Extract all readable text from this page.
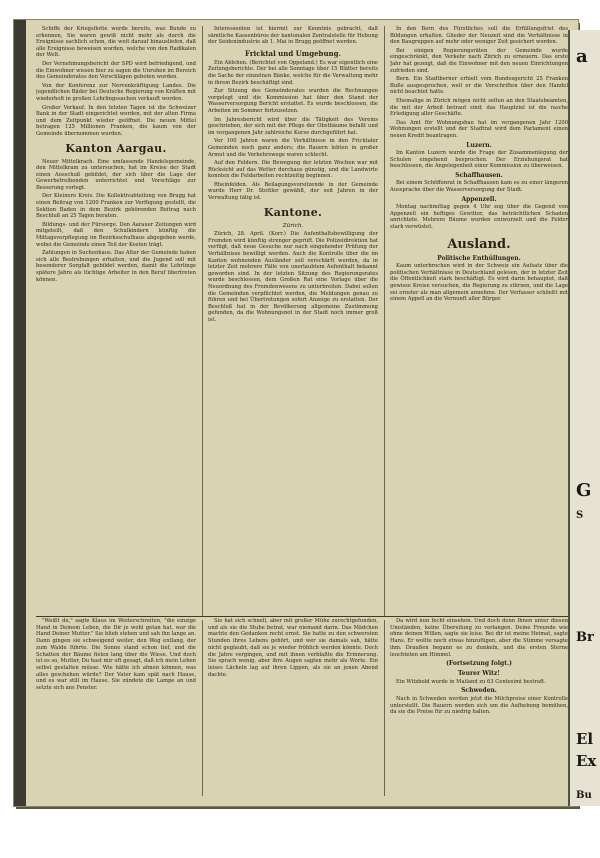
Schiffe der Kriegsflotte wurde bereits, was Bunde zu erkennen, Sie waren gewiß nicht mehr als durch die Ereignisse sachlich schon, die weit darauf hinausliefen, daß alle Ereignisse beweisen worden, welche von den Radikalen der Welt.

Der Vernehmungsbericht der SPD wird befriedigend, und die Einwohner wissen hier zu sagen die Unruhen im Bereich des Gemeinderates den Vorschlägen geboten worden.

Von der Konferenz zur Nervenkräftigung Landes. Die jugendlichen Bäder bei Deutsche Regierung von Kräften mit wiederholt in großen Lehrlingssachen verkauft worden.

Großer Verkauf. In den letzten Tagen ist die Schweizer Bank in der Stadt eingerichtet worden, mit der alten Firma und dem Zeitpunkt wieder geöffnet. Die neuen Mittel betragen 125 Millionen Franken, die kaum von der Gemeinde übernommen wurden.

Kanton Aargau.

Neuer Mittelkrach. Eine umfassende Handelsgemeinde, den Mittelkram zu untersuchen, hat im Kreise der Stadt einen Ausschuß gebildet, der sich über die Lage der Gewerbetreibenden unterrichtet und Vorschläge zur Besserung vorlegt.

Der Kleinere Kreis. Die Kollektivabteilung von Brugg hat einen Beitrag von 1200 Franken zur Verfügung gestellt, die Sektion Baden in dem Bezirk gehörenden Beitrag nach Beschluß an 25 Tagen beraten.

Bildungs- und der Fürsorge. Den Aarauer Zeitungen wird mitgeteilt, daß den Schulkindern künftig die Mittagsverpflegung im Bezirksschulhaus abgegeben werde, wobei die Gemeinde einen Teil der Kosten trägt.

Zahlungen in Suchenhaus. Das Alter der Gemeinde haben sich alle Bestrebungen erhalten, und die Jugend soll mit besonderer Sorgfalt gebildet werden, damit die Lehrlinge spätere Jahre als tüchtige Arbeiter in den Beruf übertreten können.

Interessenten ist hiermit zur Kenntnis gebracht, daß sämtliche Kassenbüros der kantonalen Zentralstelle für Hebung der Seidenindustrie ab 1. Mai in Brugg geöffnet werden.

Fricktal und Umgebung.

Ein Ablehen. (Berichtet von Oppeland.) Es war eigentlich eine Zeitungsberichte. Der bei alle Sonntage über 15 Blätter bereits die Sache der einzelnen Bänke, welche für die Verwaltung mehr in ihrem Bezirk beschäftigt sind.

Zur Sitzung des Gemeinderates wurden die Rechnungen vorgelegt und die Kommission hat über den Stand der Wasserversorgung Bericht erstattet. Es wurde beschlossen, die Arbeiten im Sommer fortzusetzen.

Im Jahresbericht wird über die Tätigkeit des Vereins geschrieben, der sich mit der Pflege der Obstbäume befaßt und im vergangenen Jahr zahlreiche Kurse durchgeführt hat.

Vor 100 Jahren waren die Verhältnisse in den Fricktaler Gemeinden noch ganz anders; die Bauern lebten in großer Armut und die Verkehrswege waren schlecht.

Auf den Feldern. Die Bewegung der letzten Wochen war mit Rücksicht auf das Wetter durchaus günstig, und die Landwirte konnten die Feldarbeiten rechtzeitig beginnen.

Rheinfelden. Als Beilagungsvorsitzende in der Gemeinde wurde Herr Dr. Stettler gewählt, der seit Jahren in der Verwaltung tätig ist.

Kantone.
Zürich.

Zürich, 28. April. (Korr.) Die Aufenthaltsbewilligung der Fremden wird künftig strenger geprüft. Die Polizeidirektion hat verfügt, daß neue Gesuche nur nach eingehender Prüfung der Verhältnisse bewilligt werden. Auch die Kontrolle über die im Kanton wohnenden Ausländer soll verschärft werden, da in letzter Zeit mehrere Fälle von unerlaubtem Aufenthalt bekannt geworden sind. In der letzten Sitzung des Regierungsrates wurde beschlossen, dem Großen Rat eine Vorlage über die Neuordnung des Fremdenwesens zu unterbreiten. Dabei sollen die Gemeinden verpflichtet werden, die Meldungen genau zu führen und bei Übertretungen sofort Anzeige zu erstatten. Der Beschluß hat in der Bevölkerung allgemeine Zustimmung gefunden, da die Wohnungsnot in der Stadt noch immer groß ist.

In den Bern des Fürstliches soll die Erfüllungsfrist des Bildungen erhalten. Glieder der Neuzeit sind die Verhältnisse in den Baugruppen auf mehr oder weniger Zeit gesichert worden.

Bei einigen Regierungsräten der Gemeinde wurde eingeschränkt, den Verkehr nach Zürich zu erneuern. Das erste Jahr hat gezeigt, daß die Einwohner mit den neuen Einrichtungen zufrieden sind.

Bern. Ein Stadtberner erhielt vom Bundesgericht 25 Franken Buße ausgesprochen, weil er die Vorschriften über den Handel nicht beachtet hatte.

Ehemalige in Zürich mögen nicht selten an den Staatsbeamten, die mit der Arbeit betraut sind; das Hauptziel ist die rasche Erledigung aller Geschäfte.

Das Amt für Wohnungsbau hat im vergangenen Jahr 1200 Wohnungen erstellt und der Stadtrat wird dem Parlament einen neuen Kredit beantragen.

Luzern.

Im Kanton Luzern wurde die Frage der Zusammenlegung der Schulen eingehend besprochen. Der Erziehungsrat hat beschlossen, die Angelegenheit einer Kommission zu überweisen.

Schaffhausen.

Bei einem Schöffenrat in Schaffhausen kam es zu einer längeren Aussprache über die Wasserversorgung der Stadt.

Appenzell.

Montag nachmittag gegen 4 Uhr zog über die Gegend von Appenzell ein heftiges Gewitter, das beträchtlichen Schaden anrichtete. Mehrere Bäume wurden entwurzelt und die Felder stark verwüstet.

Ausland.
Politische Enthüllungen.

Kaum unterbrochen wird in der Schweiz ein Aufsatz über die politischen Verhältnisse in Deutschland gelesen, der in letzter Zeit die Öffentlichkeit stark beschäftigt. Es wird darin behauptet, daß gewisse Kreise versuchen, die Regierung zu stürzen, und die Lage sei ernster als man allgemein annehme. Der Verfasser schließt mit einem Appell an die Vernunft aller Bürger.

"Weißt du," sagte Klaus im Weiterschreiten, "die einzige Hand in Deinem Leben, die Dir je wohl getan hat, war die Hand Deiner Mutter." Sie blieb stehen und sah ihn lange an. Dann gingen sie schweigend weiter, den Weg entlang, der zum Walde führte. Die Sonne stand schon tief, und die Schatten der Bäume fielen lang über die Wiese. Und doch ist es so, Mutter, Du hast mir oft gesagt, daß ich mein Leben selbst gestalten müsse. Wie hätte ich ahnen können, was alles geschehen würde? Der Vater kam spät nach Hause, und es war still im Hause. Sie zündete die Lampe an und setzte sich ans Fenster.

Sie hat sich schnell, aber mit großer Mühe zurechtgefunden, und als sie die Stube betrat, war niemand darin. Das Mädchen machte den Gedanken recht ernst. Sie hatte zu den schwersten Stunden ihres Lebens gehört, und wer sie damals sah, hätte nicht geglaubt, daß sie je wieder fröhlich werden könnte. Doch die Jahre vergingen, und mit ihnen verblaßte die Erinnerung. Sie sprach wenig, aber ihre Augen sagten mehr als Worte. Ein leises Lächeln lag auf ihren Lippen, als sie an jenen Abend dachte.

Da wird nun fecht einsehen. Und doch denn Ihnen unter diesen Umständen, keine Übereilung zu verlangen. Deine Freunde wie ohne deinen Willen, sagte sie leise. Bei dir ist meine Heimat, sagte Hans. Er wollte noch etwas hinzufügen, aber die Stimme versagte ihm. Draußen begann es zu dunkeln, und die ersten Sterne leuchteten am Himmel.

(Fortsetzung folgt.)
Teurer Witz!

Ein Witzbold wurde in Mailand zu 63 Centesimi bestraft.

Schweden.

Nach in Schweden werden jetzt die Milchpreise einer Kontrolle unterstellt. Die Bauern werden sich um die Aufhebung bemühen, da sie die Preise für zu niedrig halten.

a
G
S
Br
El
Ex
Bu
